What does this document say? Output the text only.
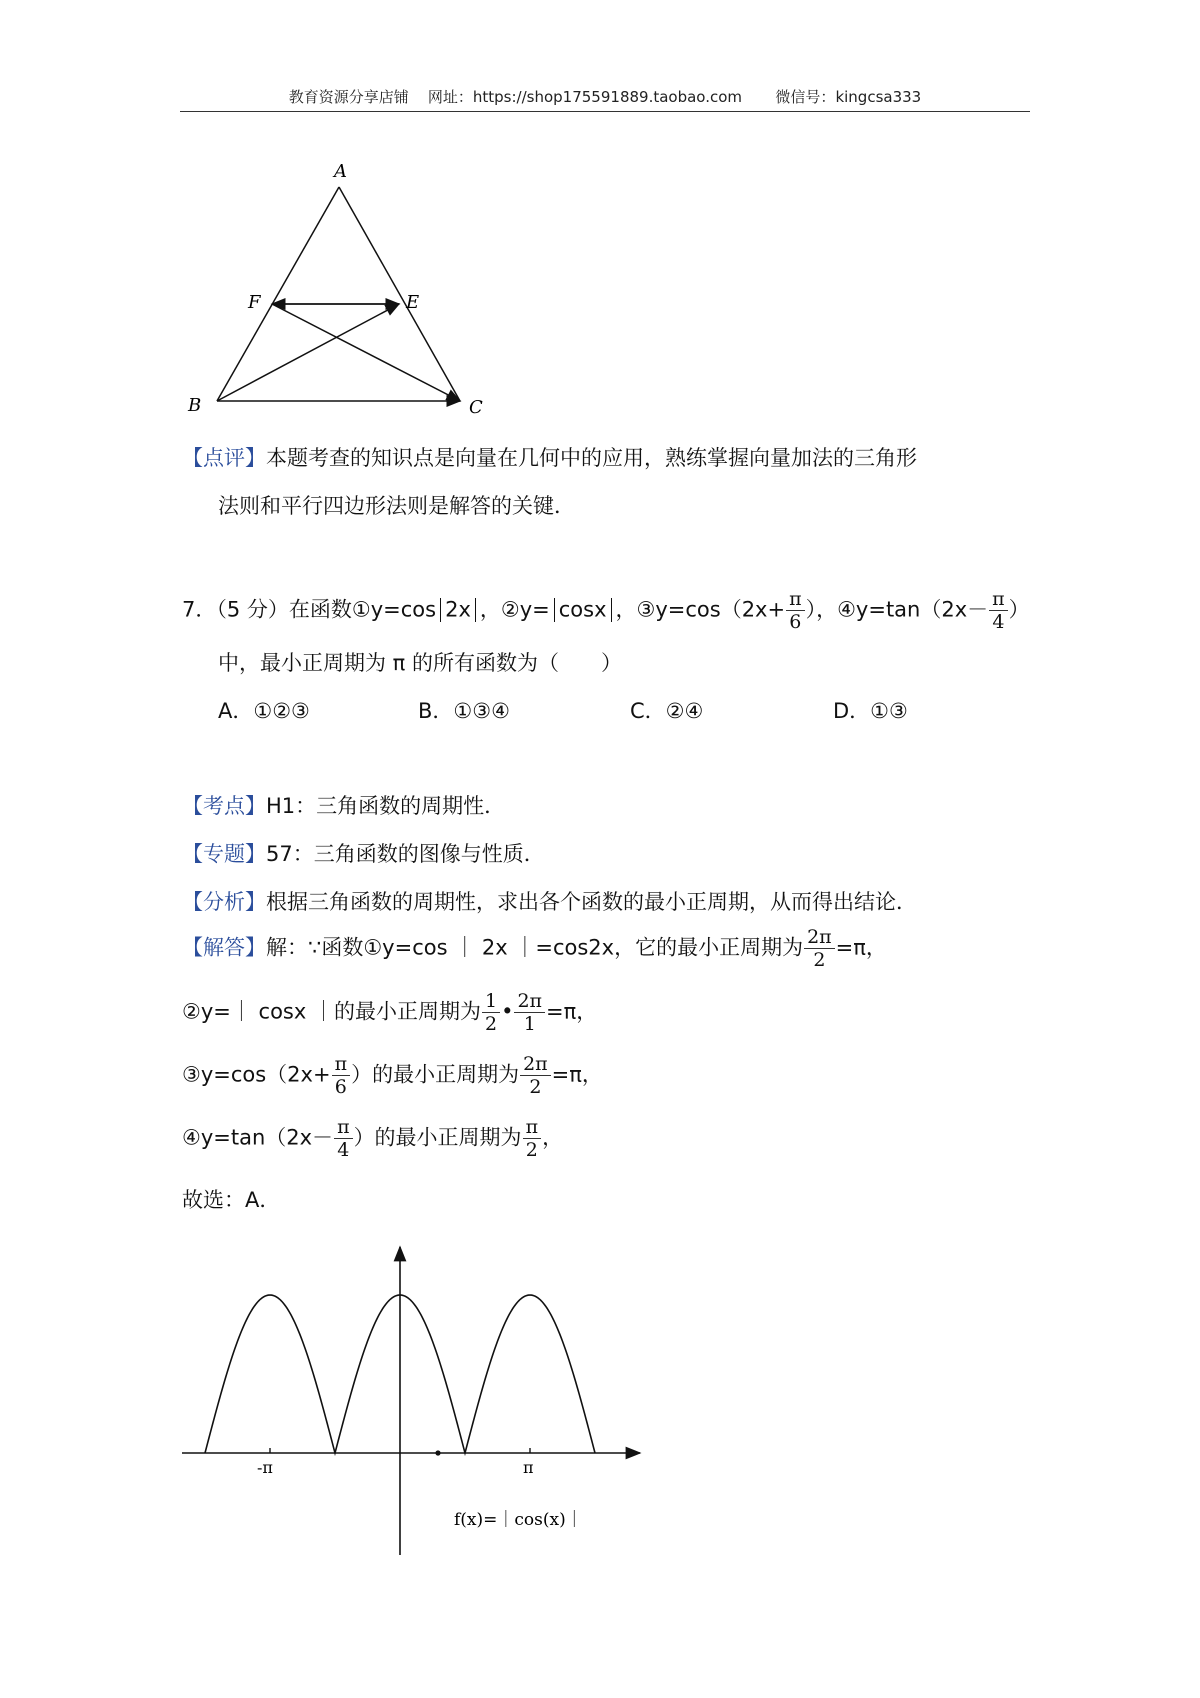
教育资源分享店铺 网址：https://shop175591889.taobao.com 微信号：kingcsa333
A
F	E
B	C
【点评】本题考查的知识点是向量在几何中的应用，熟练掌握向量加法的三角形
法则和平行四边形法则是解答的关键．
7．（5 分）在函数①y=cos 2x ，②y= cosx ，③y=cos（2x+ $\frac{\pi}{6}$ ），④y=tan（2x－ $\frac{\pi}{4}$ ）
中，最小正周期为 π 的所有函数为（　　）
A．①②③	B．①③④	C．②④	D．①③
【考点】H1：三角函数的周期性．
【专题】57：三角函数的图像与性质．
【分析】根据三角函数的周期性，求出各个函数的最小正周期，从而得出结论．
【解答】解：∵函数①y=cos ｜ 2x ｜=cos2x，它的最小正周期为 $\frac{2\pi}{2} =\pi$，
②y=｜ cosx ｜的最小正周期为 $\frac{1}{2}$ • $\frac{2\pi}{1} =\pi$，
③y=cos（2x+ $\frac{\pi}{6}$ ）的最小正周期为 $\frac{2\pi}{2} =\pi$，
④y=tan（2x－ $\frac{\pi}{4}$ ）的最小正周期为 $\frac{\pi}{2}$ ，
故选：A．
-π	π
f(x)=｜cos(x)｜
